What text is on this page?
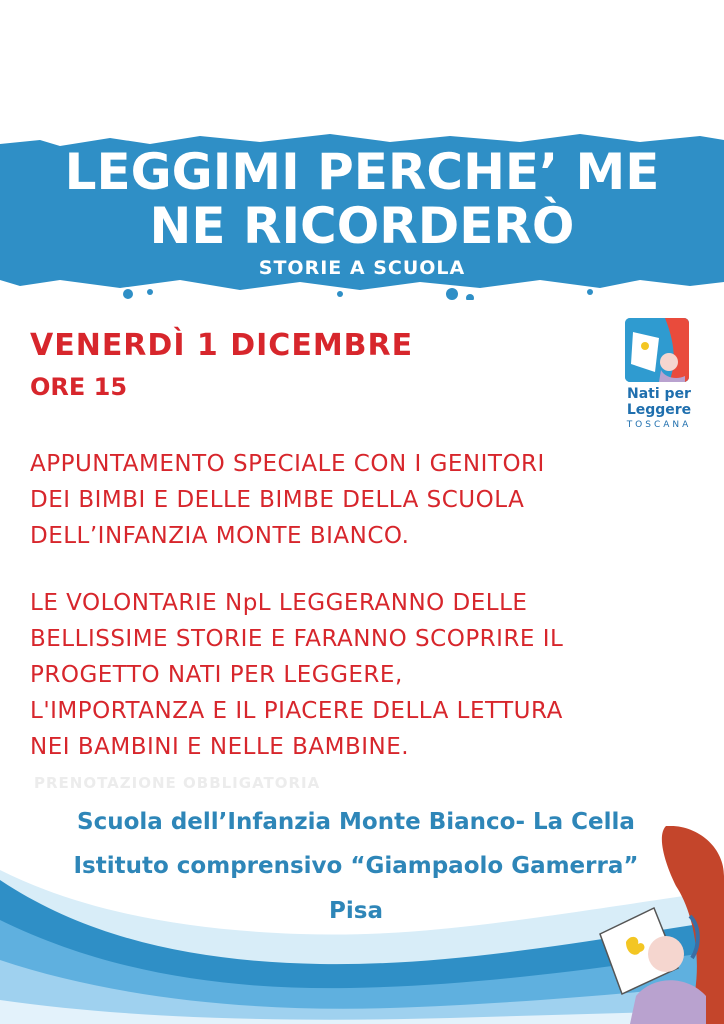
LEGGIMI PERCHE’ ME
NE RICORDERÒ
STORIE A SCUOLA
Nati per
Leggere
TOSCANA
VENERDÌ 1 DICEMBRE
ORE 15
APPUNTAMENTO SPECIALE CON I GENITORI
DEI BIMBI E DELLE BIMBE DELLA SCUOLA
DELL’INFANZIA MONTE BIANCO.
LE VOLONTARIE NpL LEGGERANNO DELLE
BELLISSIME STORIE E FARANNO SCOPRIRE IL
PROGETTO NATI PER LEGGERE,
L'IMPORTANZA E IL PIACERE DELLA LETTURA
NEI BAMBINI E NELLE BAMBINE.
PRENOTAZIONE OBBLIGATORIA
Scuola dell’Infanzia Monte Bianco- La Cella
Istituto comprensivo “Giampaolo Gamerra”
Pisa
